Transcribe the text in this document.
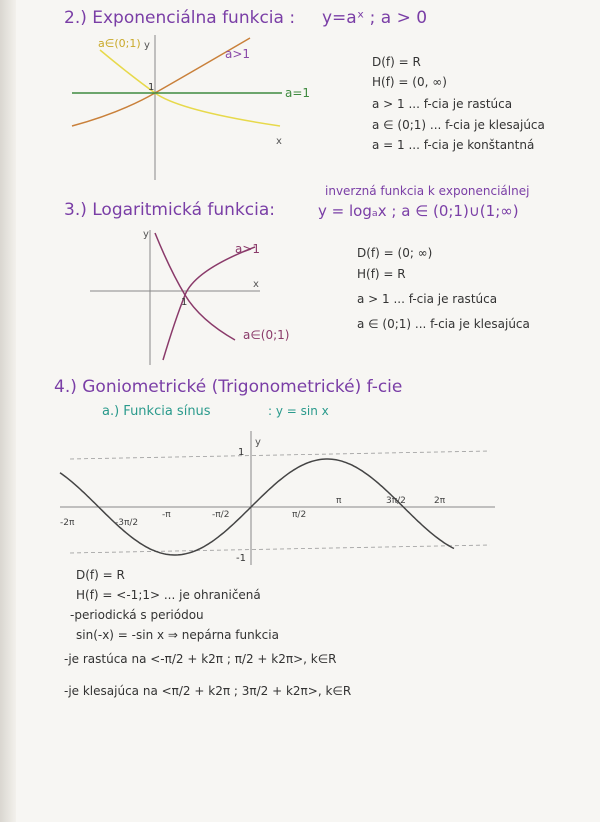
2.) Exponenciálna funkcia : y=aˣ ; a > 0
a∈(0;1) y
a>1
a=1
1
x
D(f) = R
H(f) = (0, ∞)
a > 1 ... f-cia je rastúca
a ∈ (0;1) ... f-cia je klesajúca
a = 1 ... f-cia je konštantná
inverzná funkcia k exponenciálnej
3.) Logaritmická funkcia:	y = logₐx ; a ∈ (0;1)∪(1;∞)
y
a>1
x
1
a∈(0;1)
D(f) = (0; ∞)
H(f) = R
a > 1 ... f-cia je rastúca
a ∈ (0;1) ... f-cia je klesajúca
4.) Goniometrické (Trigonometrické) f-cie
a.) Funkcia sínus	: y = sin x
y
1
-1
-2π	-3π/2
-π	-π/2	π/2
π	3π/2	2π
D(f) = R
H(f) = <-1;1> ... je ohraničená
-periodická s periódou
sin(-x) = -sin x ⇒ nepárna funkcia
-je rastúca na <-π/2 + k2π ; π/2 + k2π>, k∈R
-je klesajúca na <π/2 + k2π ; 3π/2 + k2π>, k∈R
